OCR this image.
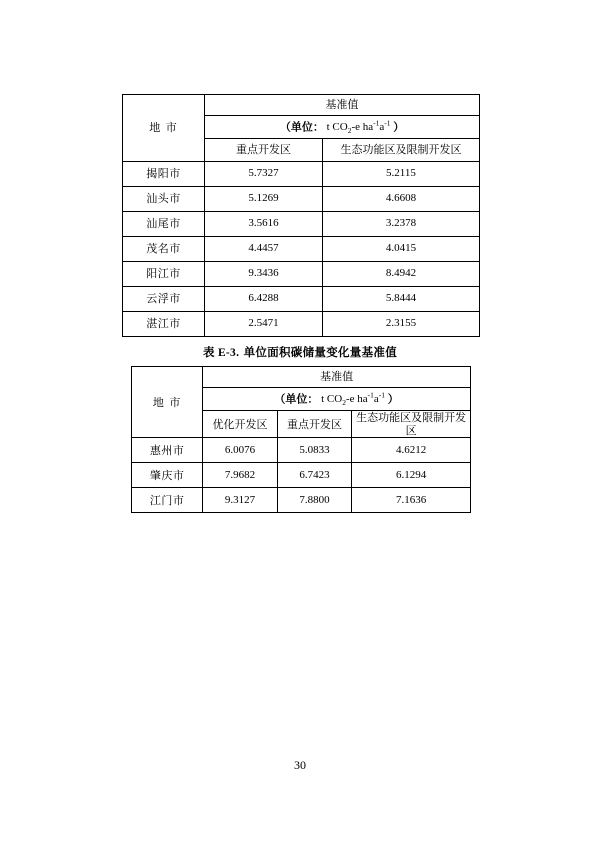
地 市	基准值	
	（单位： t $CO_2-e$ $ha^{-1}a^{-1}$ ）	
	重点开发区	生态功能区及限制开发区
揭阳市	5.7327	5.2115
汕头市	5.1269	4.6608
汕尾市	3.5616	3.2378
茂名市	4.4457	4.0415
阳江市	9.3436	8.4942
云浮市	6.4288	5.8444
湛江市	2.5471	2.3155
表 E-3. 单位面积碳储量变化量基准值
地 市	基准值		
	（单位： t $CO_2-e$ $ha^{-1}a^{-1}$ ）		
	优化开发区	重点开发区	生态功能区及限制开发区
惠州市	6.0076	5.0833	4.6212
肇庆市	7.9682	6.7423	6.1294
江门市	9.3127	7.8800	7.1636
30
